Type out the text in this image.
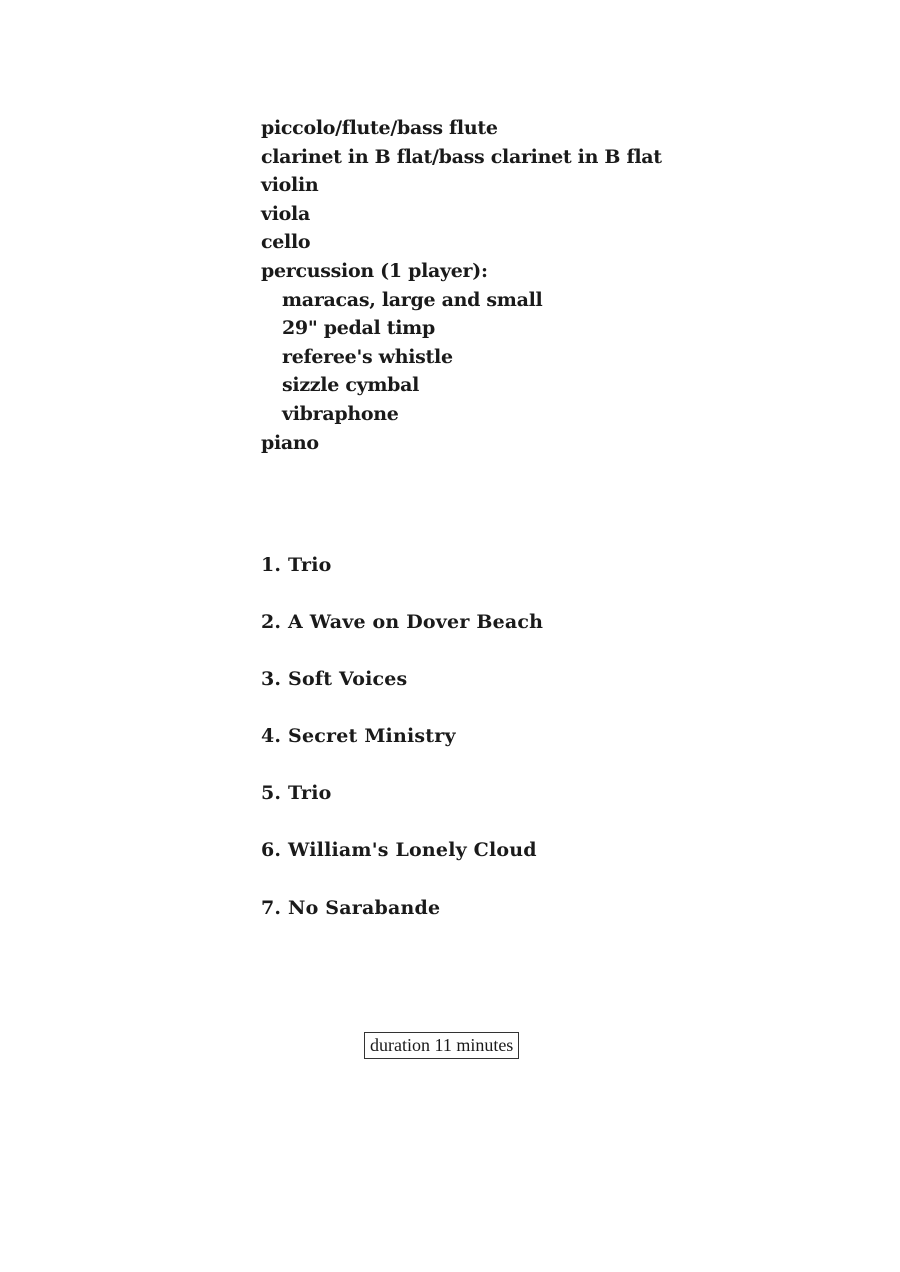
piccolo/flute/bass flute
clarinet in B flat/bass clarinet in B flat
violin
viola
cello
percussion (1 player):
maracas, large and small
29" pedal timp
referee's whistle
sizzle cymbal
vibraphone
piano
1. Trio
2. A Wave on Dover Beach
3. Soft Voices
4. Secret Ministry
5. Trio
6. William's Lonely Cloud
7. No Sarabande
duration 11 minutes
